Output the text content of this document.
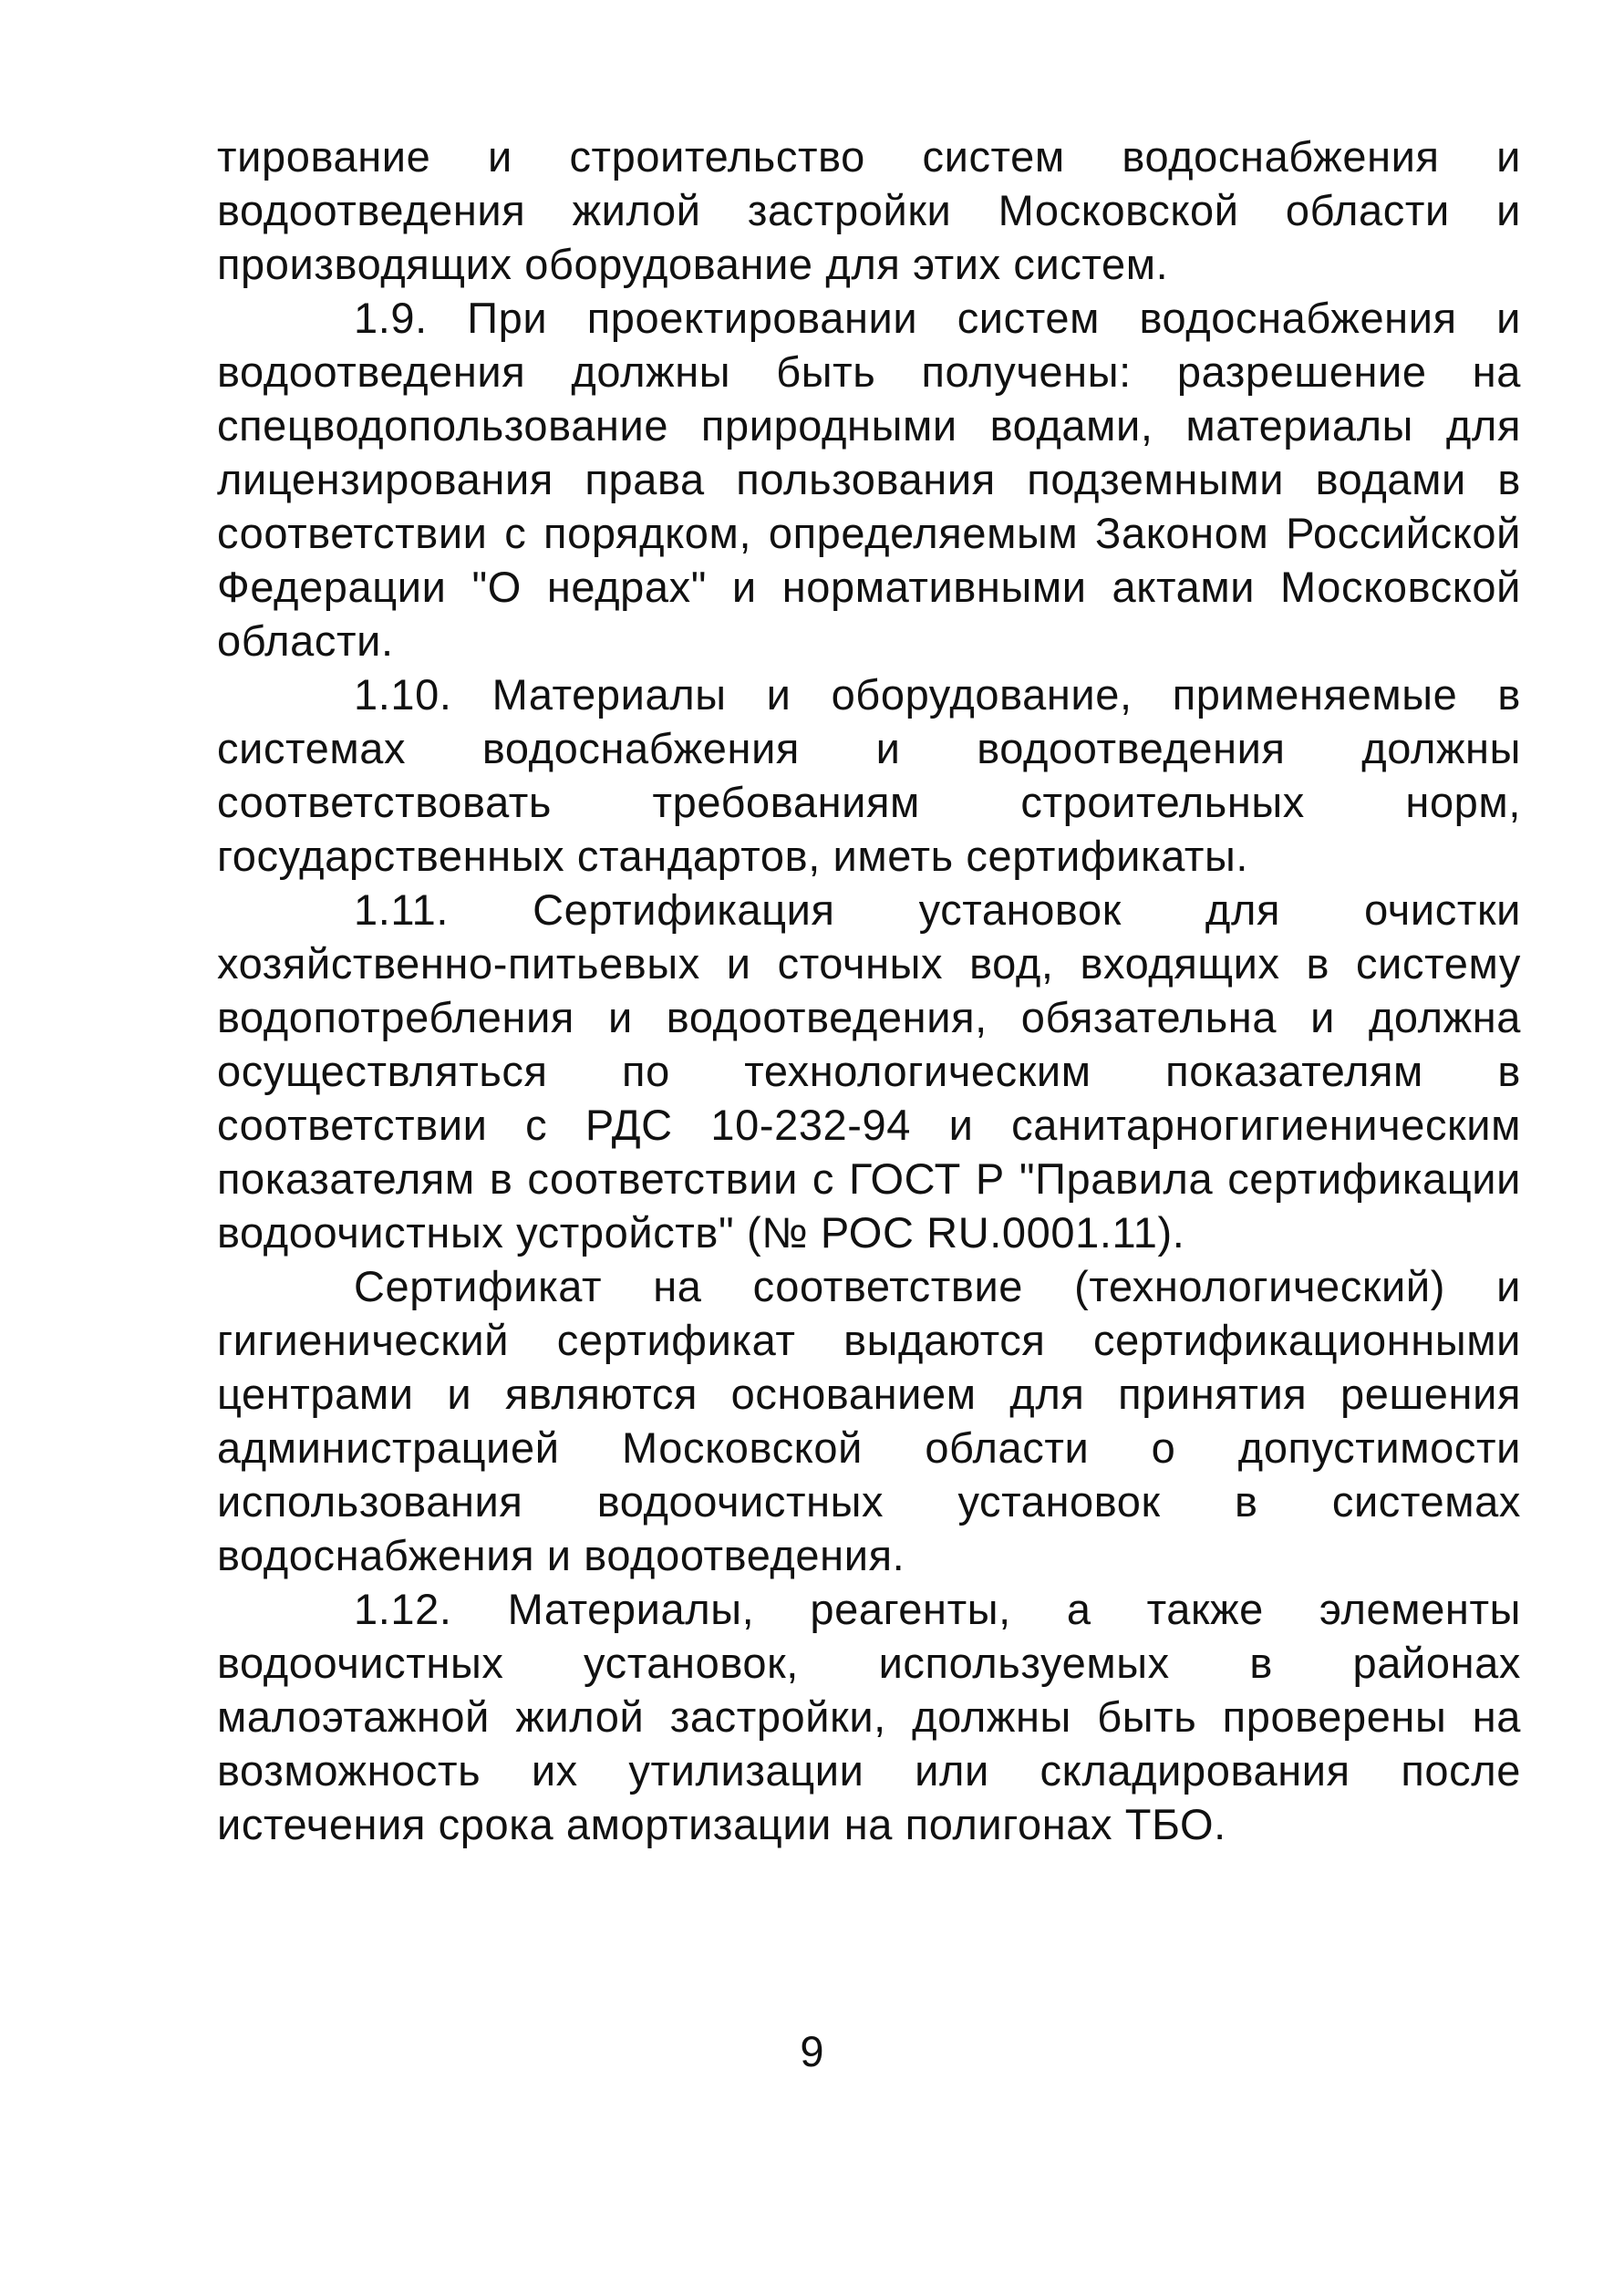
тирование и строительство систем водоснабжения и водоотведения жилой застройки Московской области и производящих оборудование для этих систем.

1.9. При проектировании систем водоснабжения и водоотведения должны быть получены: разрешение на спецводопользование природными водами, материалы для лицензирования права пользования подземными водами в соответствии с порядком, определяемым Законом Российской Федерации "О недрах" и нормативными актами Московской области.

1.10. Материалы и оборудование, применяемые в системах водоснабжения и водоотведения должны соответствовать требованиям строительных норм, государственных стандартов, иметь сертификаты.

1.11. Сертификация установок для очистки хозяйственно-питьевых и сточных вод, входящих в систему водопотребления и водоотведения, обязательна и должна осуществляться по технологическим показателям в соответствии с РДС 10-232-94 и санитарногигиеническим показателям в соответствии с ГОСТ Р "Правила сертификации водоочистных устройств" (№ РОС RU.0001.11).

Сертификат на соответствие (технологический) и гигиенический сертификат выдаются сертификационными центрами и являются основанием для принятия решения администрацией Московской области о допустимости использования водоочистных установок в системах водоснабжения и водоотведения.

1.12. Материалы, реагенты, а также элементы водоочистных установок, используемых в районах малоэтажной жилой застройки, должны быть проверены на возможность их утилизации или складирования после истечения срока амортизации на полигонах ТБО.

9
